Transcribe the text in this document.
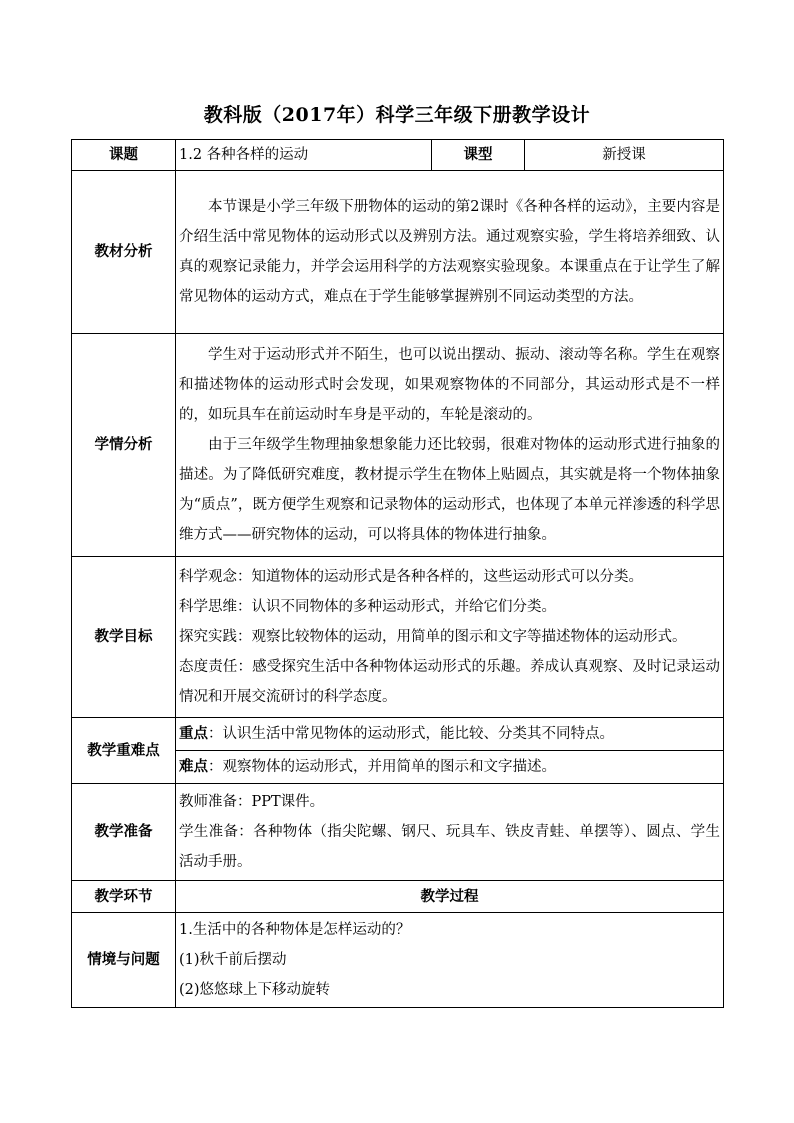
教科版（2017年）科学三年级下册教学设计
课题	1.2 各种各样的运动	课型	新授课
教材分析	本节课是小学三年级下册物体的运动的第2课时《各种各样的运动》，主要内容是介绍生活中常见物体的运动形式以及辨别方法。通过观察实验，学生将培养细致、认真的观察记录能力，并学会运用科学的方法观察实验现象。本课重点在于让学生了解常见物体的运动方式，难点在于学生能够掌握辨别不同运动类型的方法。		

学情分析	学生对于运动形式并不陌生，也可以说出摆动、振动、滚动等名称。学生在观察和描述物体的运动形式时会发现，如果观察物体的不同部分，其运动形式是不一样的，如玩具车在前运动时车身是平动的，车轮是滚动的。

由于三年级学生物理抽象想象能力还比较弱，很难对物体的运动形式进行抽象的描述。为了降低研究难度，教材提示学生在物体上贴圆点，其实就是将一个物体抽象为“质点”，既方便学生观察和记录物体的运动形式，也体现了本单元祥渗透的科学思维方式——研究物体的运动，可以将具体的物体进行抽象。		

教学目标	科学观念：知道物体的运动形式是各种各样的，这些运动形式可以分类。

科学思维：认识不同物体的多种运动形式，并给它们分类。

探究实践：观察比较物体的运动，用简单的图示和文字等描述物体的运动形式。

态度责任：感受探究生活中各种物体运动形式的乐趣。养成认真观察、及时记录运动情况和开展交流研讨的科学态度。		

教学重难点	重点：认识生活中常见物体的运动形式，能比较、分类其不同特点。		
	难点：观察物体的运动形式，并用简单的图示和文字描述。		
教学准备	教师准备：PPT课件。

学生准备：各种物体（指尖陀螺、钢尺、玩具车、铁皮青蛙、单摆等）、圆点、学生活动手册。		

教学环节	教学过程		
情境与问题	1.生活中的各种物体是怎样运动的？
(1)秋千前后摆动
(2)悠悠球上下移动旋转		
